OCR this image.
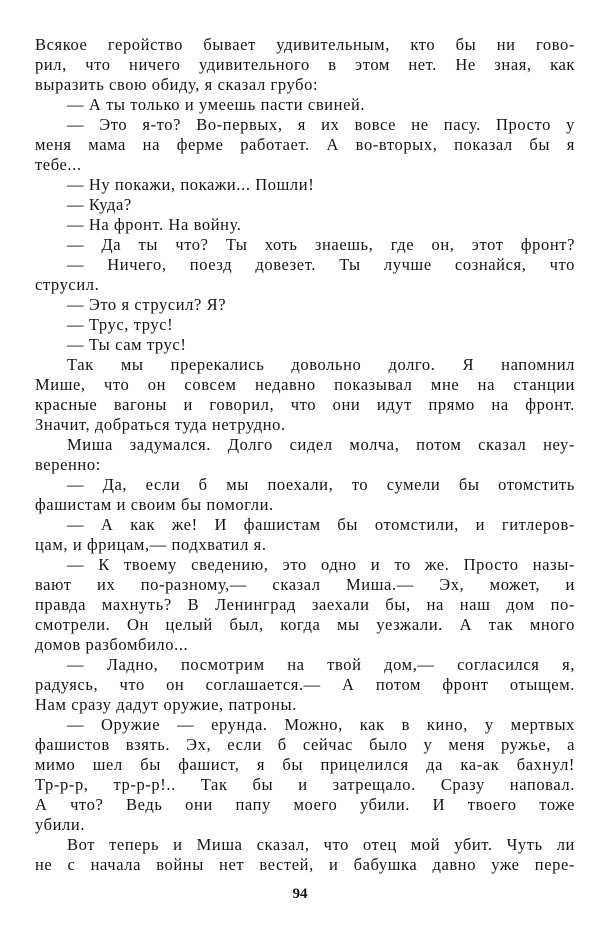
Всякое геройство бывает удивительным, кто бы ни гово-
рил, что ничего удивительного в этом нет. Не зная, как
выразить свою обиду, я сказал грубо:
— А ты только и умеешь пасти свиней.
— Это я-то? Во-первых, я их вовсе не пасу. Просто у
меня мама на ферме работает. А во-вторых, показал бы я
тебе...
— Ну покажи, покажи... Пошли!
— Куда?
— На фронт. На войну.
— Да ты что? Ты хоть знаешь, где он, этот фронт?
— Ничего, поезд довезет. Ты лучше сознайся, что
струсил.
— Это я струсил? Я?
— Трус, трус!
— Ты сам трус!
Так мы пререкались довольно долго. Я напомнил
Мише, что он совсем недавно показывал мне на станции
красные вагоны и говорил, что они идут прямо на фронт.
Значит, добраться туда нетрудно.
Миша задумался. Долго сидел молча, потом сказал неу-
веренно:
— Да, если б мы поехали, то сумели бы отомстить
фашистам и своим бы помогли.
— А как же! И фашистам бы отомстили, и гитлеров-
цам, и фрицам,— подхватил я.
— К твоему сведению, это одно и то же. Просто назы-
вают их по-разному,— сказал Миша.— Эх, может, и
правда махнуть? В Ленинград заехали бы, на наш дом по-
смотрели. Он целый был, когда мы уезжали. А так много
домов разбомбило...
— Ладно, посмотрим на твой дом,— согласился я,
радуясь, что он соглашается.— А потом фронт отыщем.
Нам сразу дадут оружие, патроны.
— Оружие — ерунда. Можно, как в кино, у мертвых
фашистов взять. Эх, если б сейчас было у меня ружье, а
мимо шел бы фашист, я бы прицелился да ка-ак бахнул!
Тр-р-р, тр-р-р!.. Так бы и затрещало. Сразу наповал.
А что? Ведь они папу моего убили. И твоего тоже
убили.
Вот теперь и Миша сказал, что отец мой убит. Чуть ли
не с начала войны нет вестей, и бабушка давно уже пере-
94
